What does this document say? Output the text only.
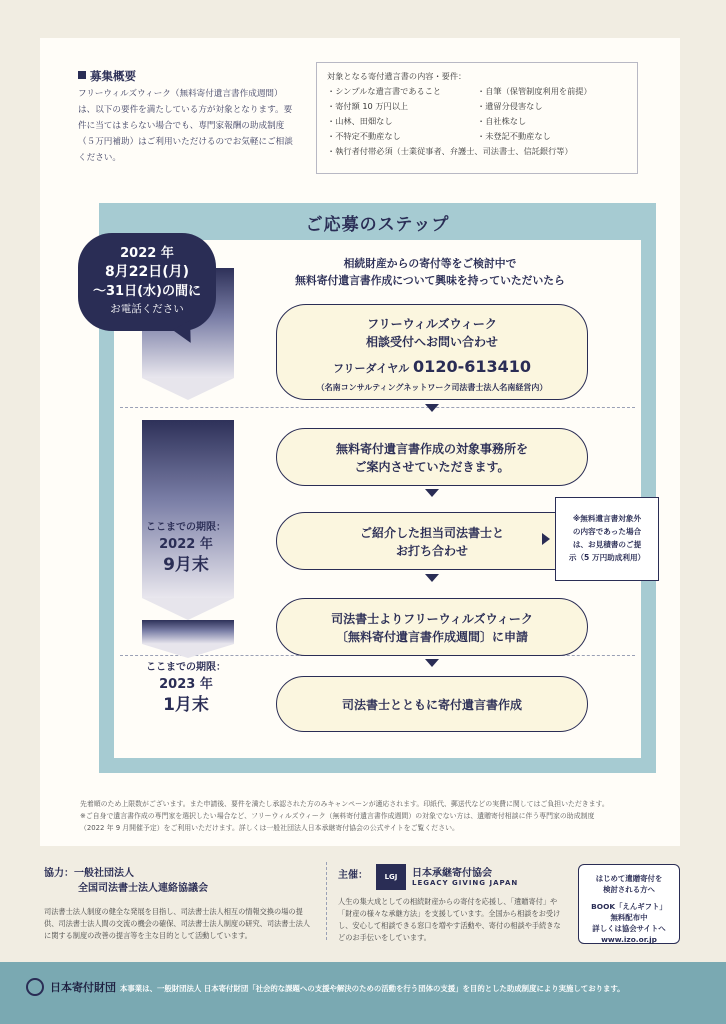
募集概要
フリーウィルズウィーク（無料寄付遺言書作成週間）は、以下の要件を満たしている方が対象となります。要件に当てはまらない場合でも、専門家報酬の助成制度（５万円補助）はご利用いただけるのでお気軽にご相談ください。
対象となる寄付遺言書の内容・要件：
・シンプルな遺言書であること	・自筆（保管制度利用を前提）
・寄付額 10 万円以上	・遺留分侵害なし
・山林、田畑なし	・自社株なし
・不特定不動産なし	・未登記不動産なし
・執行者付帯必須（士業従事者、弁護士、司法書士、信託銀行等）
ご応募のステップ
2022 年
8月22日(月)
～31日(水)の間に
お電話ください
相続財産からの寄付等をご検討中で
無料寄付遺言書作成について興味を持っていただいたら
フリーウィルズウィーク
相談受付へお問い合わせ
フリーダイヤル 0120-613410
（名南コンサルティングネットワーク司法書士法人名南経営内）
無料寄付遺言書作成の対象事務所を
ご案内させていただきます。
ご紹介した担当司法書士と
お打ち合わせ
※無料遺言書対象外
の内容であった場合
は、お見積書のご提
示（5 万円助成利用）
司法書士よりフリーウィルズウィーク
〔無料寄付遺言書作成週間〕に申請
司法書士とともに寄付遺言書作成
ここまでの期限：
2022 年
9月末
ここまでの期限：
2023 年
1月末
先着順のため上限数がございます。また申請後、要件を満たし承認された方のみキャンペーンが適応されます。印紙代、郵送代などの実費に関してはご負担いただきます。
※ご自身で遺言書作成の専門家を選択したい場合など、フリーウィルズウィーク（無料寄付遺言書作成週間）の対象でない方は、遺贈寄付相談に伴う専門家の助成制度
（2022 年 9 月開催予定）をご利用いただけます。詳しくは一般社団法人日本承継寄付協会の公式サイトをご覧ください。
協力：一般社団法人
全国司法書士法人連絡協議会
司法書士法人制度の健全な発展を目指し、司法書士法人相互の情報交換の場の提供、司法書士法人間の交流の機会の確保、司法書士法人制度の研究、司法書士法人に関する制度の改善の提言等を主な目的として活動しています。
主催：	LGJ	日本承継寄付協会
LEGACY GIVING JAPAN
人生の集大成としての相続財産からの寄付を応援し、「遺贈寄付」や「財産の様々な承継方法」を支援しています。全国から相談をお受けし、安心して相談できる窓口を増やす活動や、寄付の相談や手続きなどのお手伝いをしています。
はじめて遺贈寄付を
検討される方へ
BOOK「えんギフト」
無料配布中
詳しくは協会サイトへ
www.izo.or.jp
日本寄付財団 本事業は、一般財団法人 日本寄付財団「社会的な課題への支援や解決のための活動を行う団体の支援」を目的とした助成制度により実施しております。
